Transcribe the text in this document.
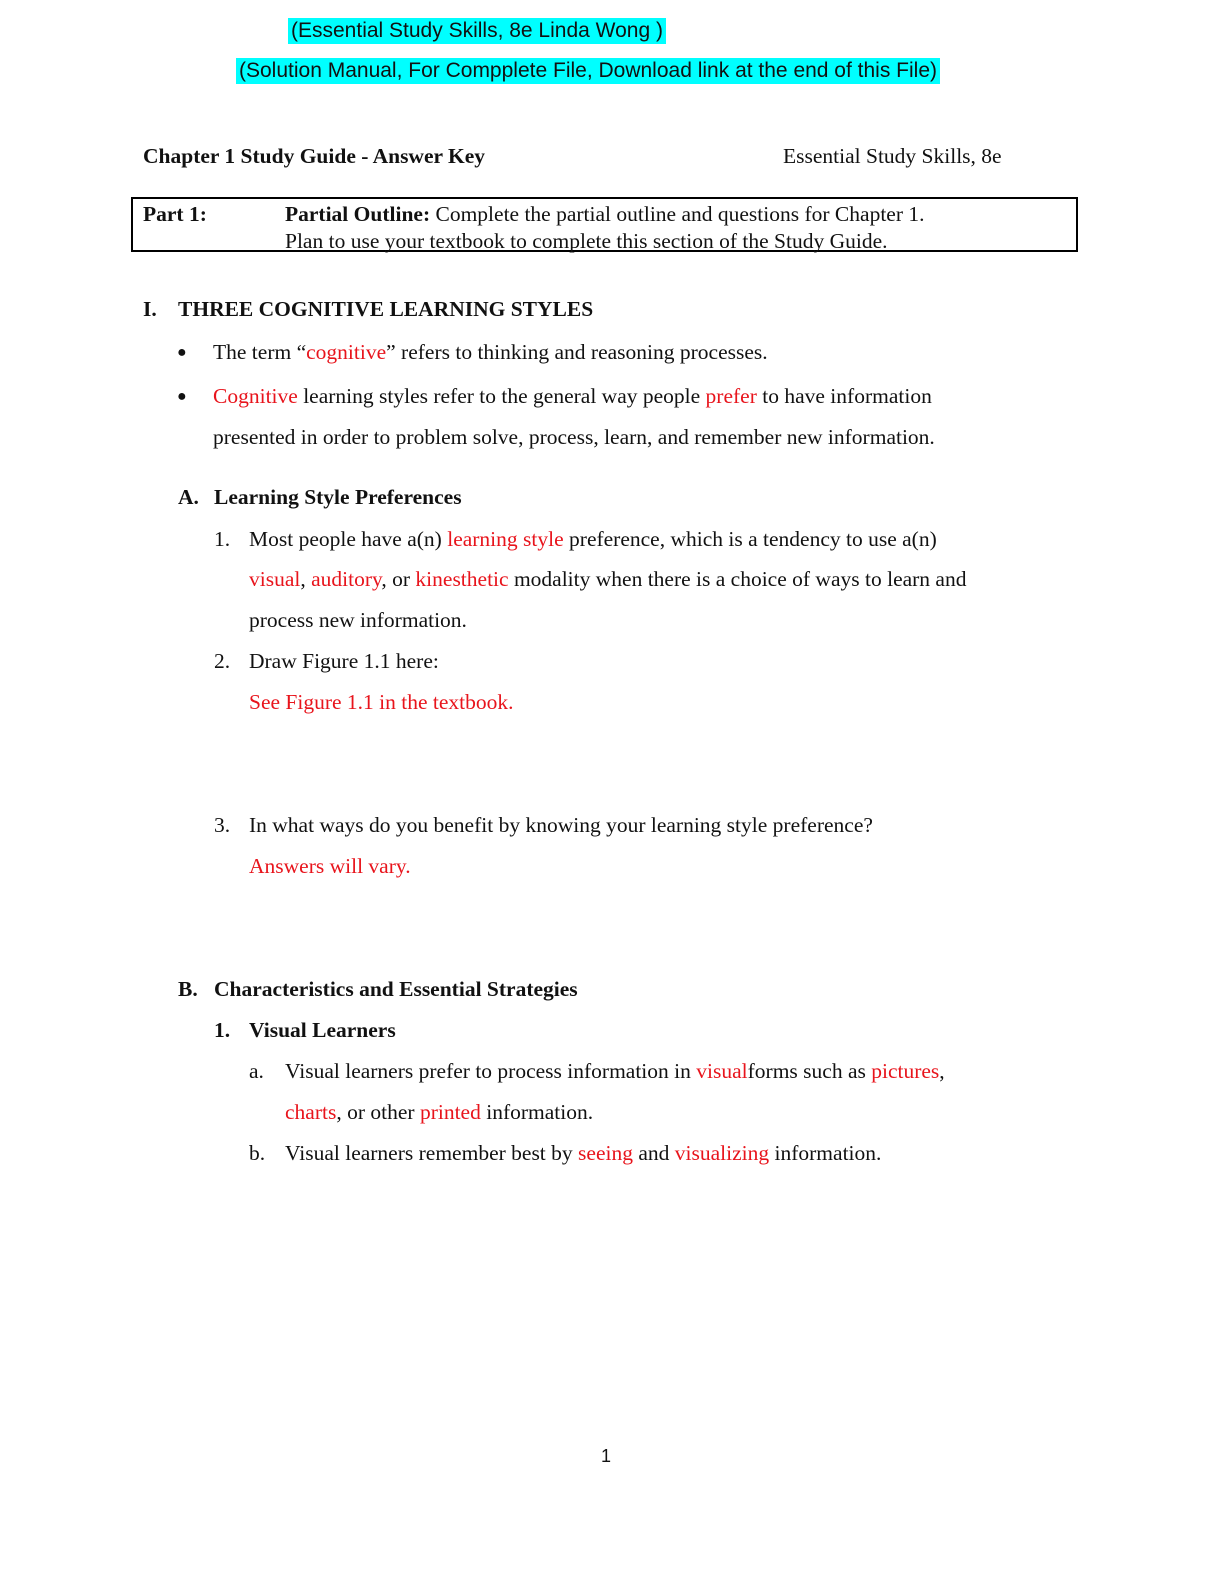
(Essential Study Skills, 8e Linda Wong )
(Solution Manual, For Compplete File, Download link at the end of this File)
Chapter 1 Study Guide - Answer Key	Essential Study Skills, 8e
Part 1:	Partial Outline: Complete the partial outline and questions for Chapter 1.
Plan to use your textbook to complete this section of the Study Guide.
I. THREE COGNITIVE LEARNING STYLES
● The term “cognitive” refers to thinking and reasoning processes.
● Cognitive learning styles refer to the general way people prefer to have information
presented in order to problem solve, process, learn, and remember new information.
A. Learning Style Preferences
1. Most people have a(n) learning style preference, which is a tendency to use a(n)
visual, auditory, or kinesthetic modality when there is a choice of ways to learn and
process new information.
2. Draw Figure 1.1 here:
See Figure 1.1 in the textbook.
3. In what ways do you benefit by knowing your learning style preference?
Answers will vary.
B. Characteristics and Essential Strategies
1. Visual Learners
a. Visual learners prefer to process information in visualforms such as pictures,
charts, or other printed information.
b. Visual learners remember best by seeing and visualizing information.
1
